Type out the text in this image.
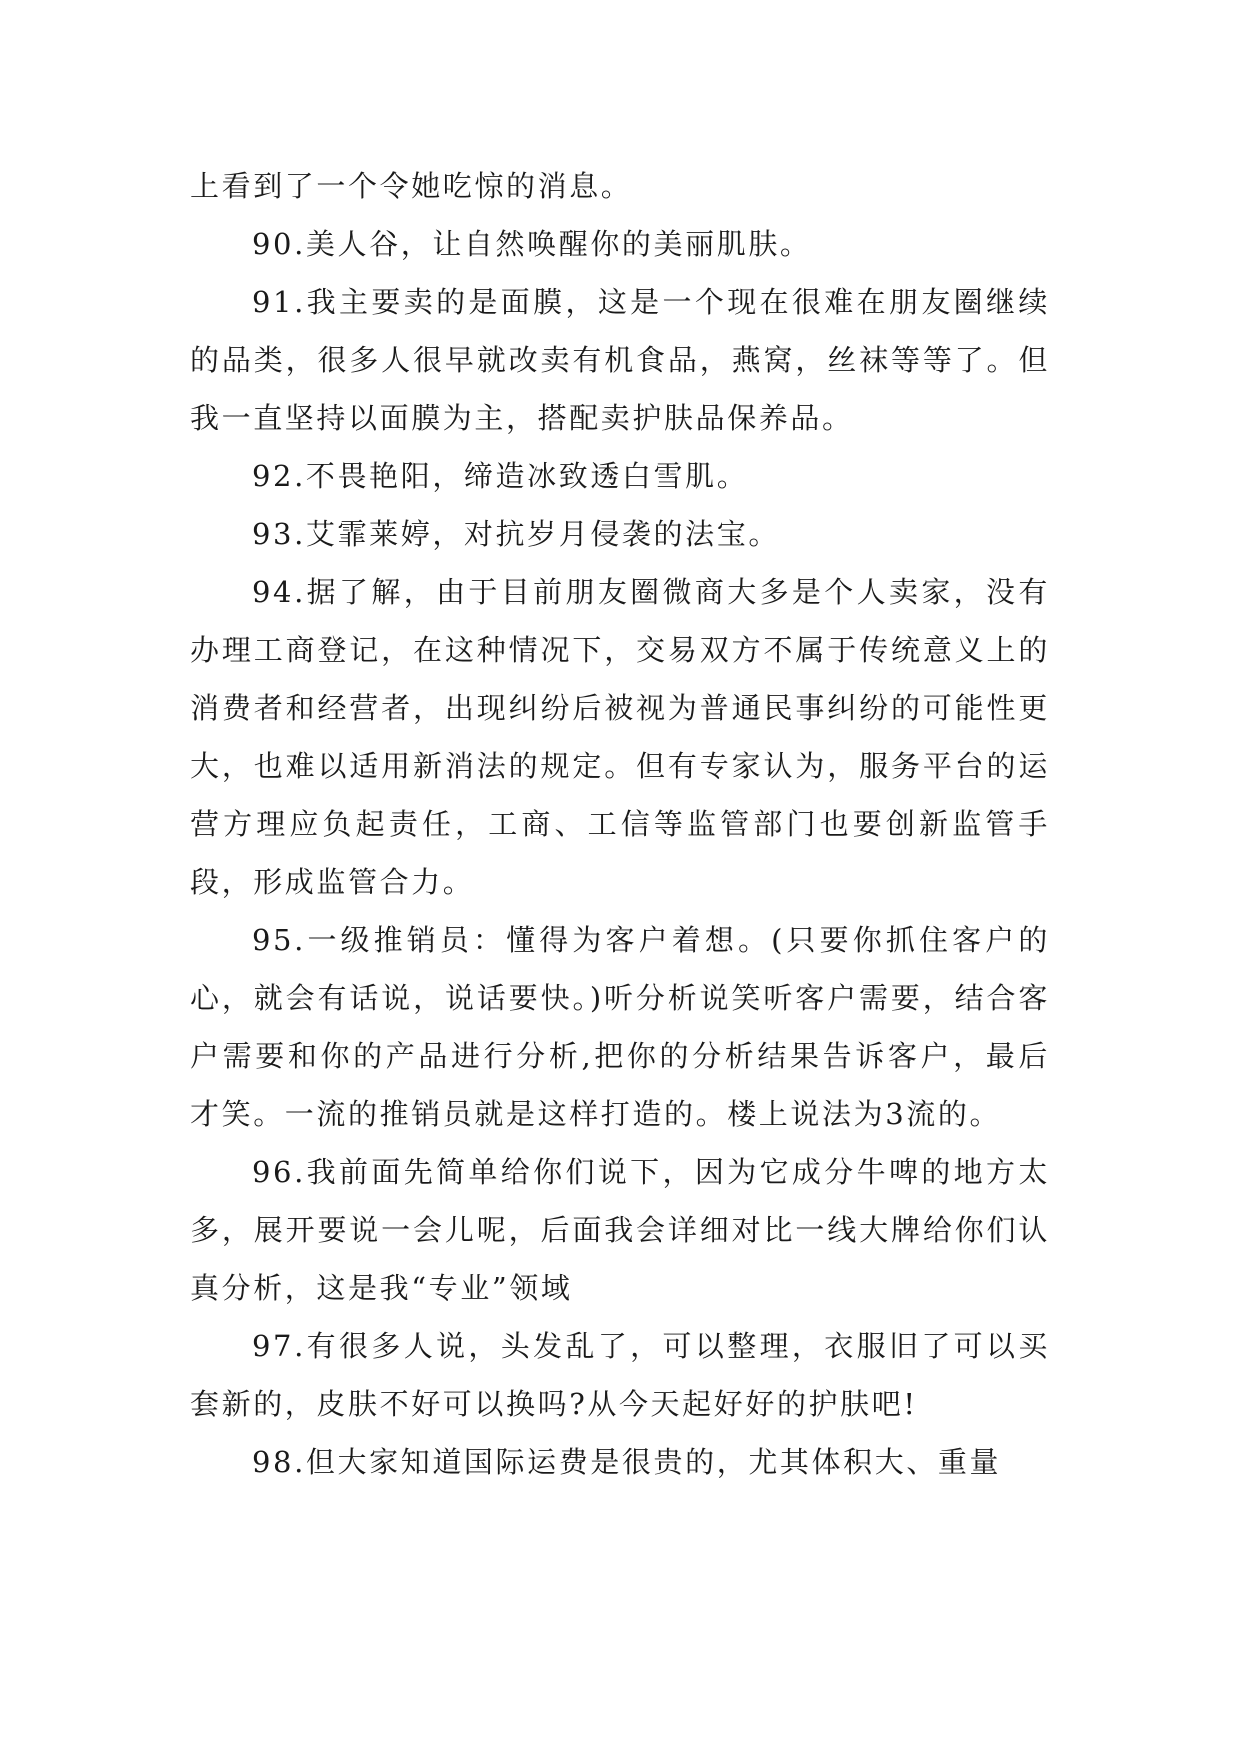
上看到了一个令她吃惊的消息。

90.美人谷，让自然唤醒你的美丽肌肤。

91.我主要卖的是面膜，这是一个现在很难在朋友圈继续的品类，很多人很早就改卖有机食品，燕窝，丝袜等等了。但我一直坚持以面膜为主，搭配卖护肤品保养品。

92.不畏艳阳，缔造冰致透白雪肌。

93.艾霏莱婷，对抗岁月侵袭的法宝。

94.据了解，由于目前朋友圈微商大多是个人卖家，没有办理工商登记，在这种情况下，交易双方不属于传统意义上的消费者和经营者，出现纠纷后被视为普通民事纠纷的可能性更大，也难以适用新消法的规定。但有专家认为，服务平台的运营方理应负起责任，工商、工信等监管部门也要创新监管手段，形成监管合力。

95.一级推销员：懂得为客户着想。(只要你抓住客户的心，就会有话说，说话要快。)听分析说笑听客户需要，结合客户需要和你的产品进行分析,把你的分析结果告诉客户，最后才笑。一流的推销员就是这样打造的。楼上说法为3流的。

96.我前面先简单给你们说下，因为它成分牛啤的地方太多，展开要说一会儿呢，后面我会详细对比一线大牌给你们认真分析，这是我“专业”领域

97.有很多人说，头发乱了，可以整理，衣服旧了可以买套新的，皮肤不好可以换吗?从今天起好好的护肤吧!

98.但大家知道国际运费是很贵的，尤其体积大、重量
